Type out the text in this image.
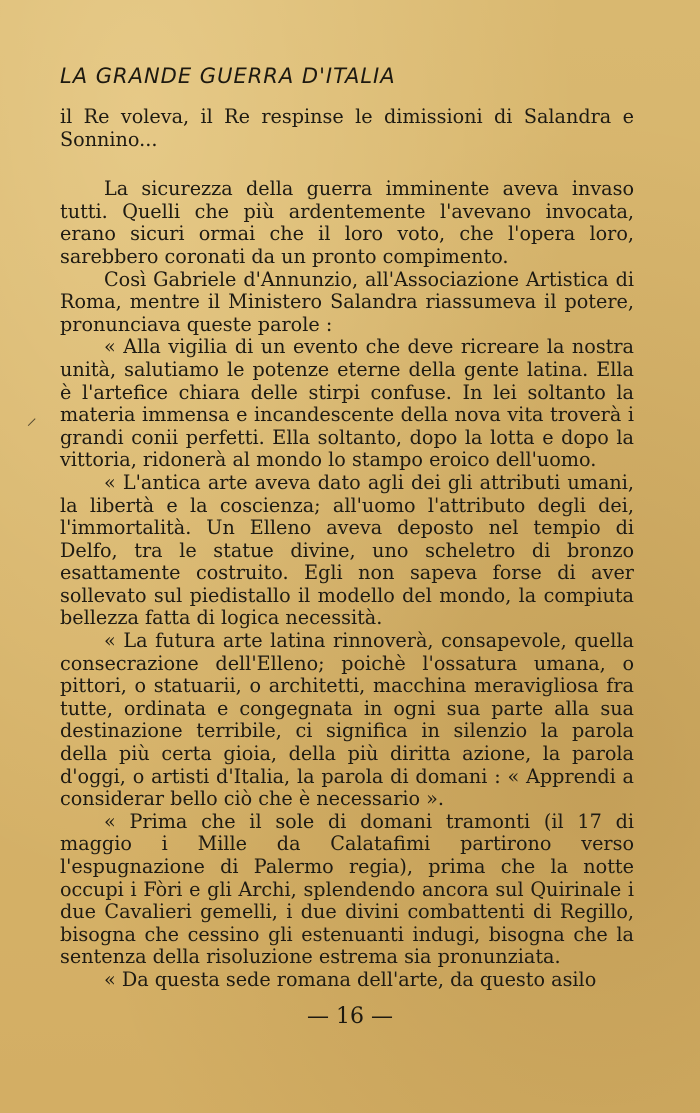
LA GRANDE GUERRA D'ITALIA

il Re voleva, il Re respinse le dimissioni di Salandra e Sonnino...

La sicurezza della guerra imminente aveva invaso tutti. Quelli che più ardentemente l'avevano invocata, erano sicuri ormai che il loro voto, che l'opera loro, sarebbero coronati da un pronto compimento.

Così Gabriele d'Annunzio, all'Associazione Artistica di Roma, mentre il Ministero Salandra riassumeva il potere, pronunciava queste parole :

« Alla vigilia di un evento che deve ricreare la nostra unità, salutiamo le potenze eterne della gente latina. Ella è l'artefice chiara delle stirpi confuse. In lei soltanto la materia immensa e incandescente della nova vita troverà i grandi conii perfetti. Ella soltanto, dopo la lotta e dopo la vittoria, ridonerà al mondo lo stampo eroico dell'uomo.

« L'antica arte aveva dato agli dei gli attributi umani, la libertà e la coscienza; all'uomo l'attributo degli dei, l'immortalità. Un Elleno aveva deposto nel tempio di Delfo, tra le statue divine, uno scheletro di bronzo esattamente costruito. Egli non sapeva forse di aver sollevato sul piedistallo il modello del mondo, la compiuta bellezza fatta di logica necessità.

« La futura arte latina rinnoverà, consapevole, quella consecrazione dell'Elleno; poichè l'ossatura umana, o pittori, o statuarii, o architetti, macchina meravigliosa fra tutte, ordinata e congegnata in ogni sua parte alla sua destinazione terribile, ci significa in silenzio la parola della più certa gioia, della più diritta azione, la parola d'oggi, o artisti d'Italia, la parola di domani : « Apprendi a considerar bello ciò che è necessario ».

« Prima che il sole di domani tramonti (il 17 di maggio i Mille da Calatafimi partirono verso l'espugnazione di Palermo regia), prima che la notte occupi i Fòri e gli Archi, splendendo ancora sul Quirinale i due Cavalieri gemelli, i due divini combattenti di Regillo, bisogna che cessino gli estenuanti indugi, bisogna che la sentenza della risoluzione estrema sia pronunziata.

« Da questa sede romana dell'arte, da questo asilo

— 16 —
